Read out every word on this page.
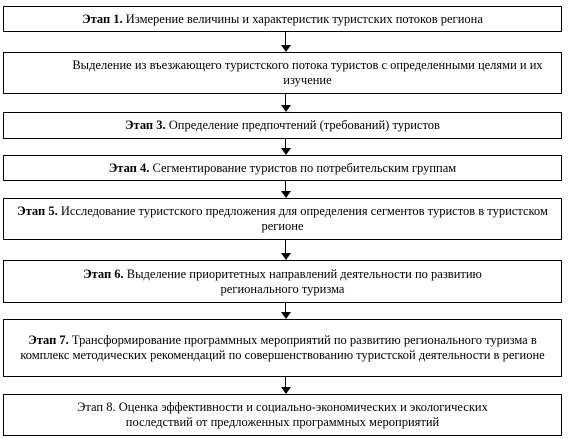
Этап 1. Измерение величины и характеристик туристских потоков региона
Выделение из въезжающего туристского потока туристов с определенными целями и их изучение
Этап 3. Определение предпочтений (требований) туристов
Этап 4. Сегментирование туристов по потребительским группам
Этап 5. Исследование туристского предложения для определения сегментов туристов в туристском регионе
Этап 6. Выделение приоритетных направлений деятельности по развитию регионального туризма
Этап 7. Трансформирование программных мероприятий по развитию регионального туризма в комплекс методических рекомендаций по совершенствованию туристской деятельности в регионе
Этап 8. Оценка эффективности и социально-экономических и экологических последствий от предложенных программных мероприятий
